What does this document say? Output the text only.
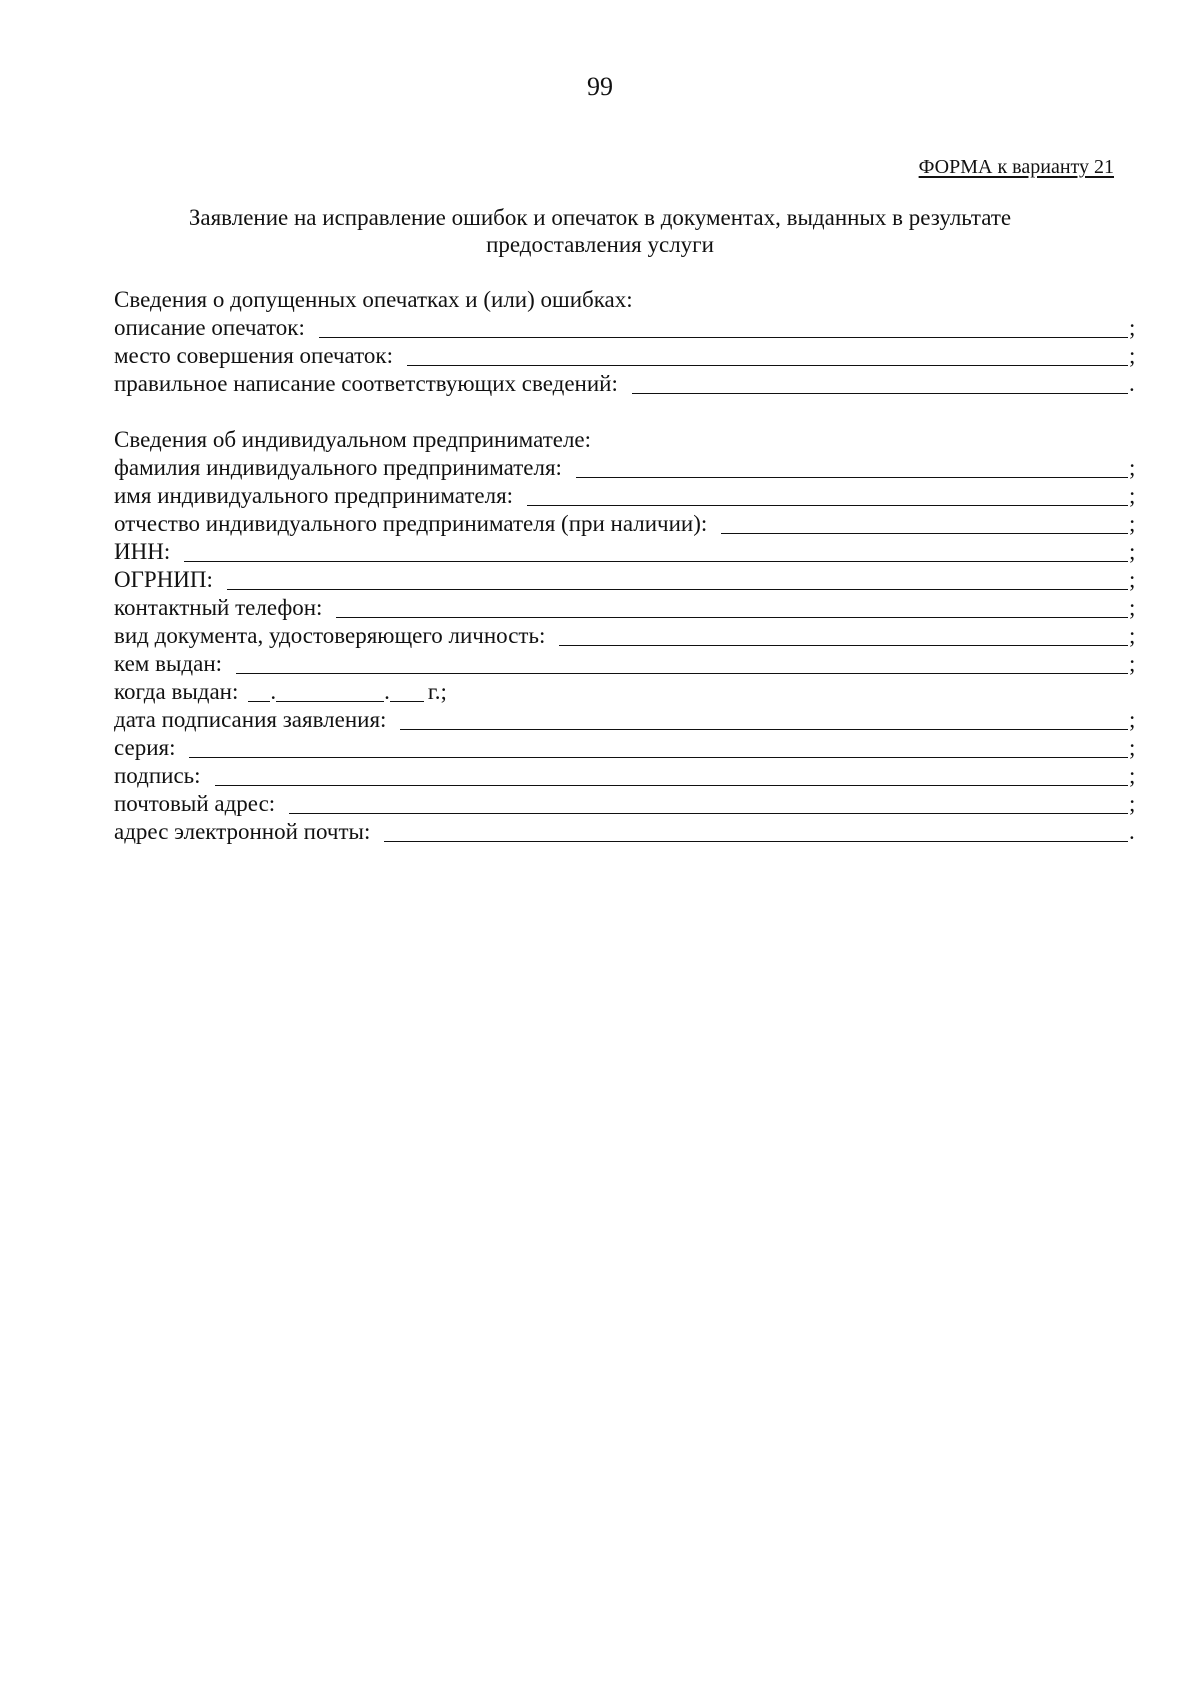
99
ФОРМА к варианту 21
Заявление на исправление ошибок и опечаток в документах, выданных в результате
предоставления услуги
Сведения о допущенных опечатках и (или) ошибках:
описание опечаток:	;
место совершения опечаток:	;
правильное написание соответствующих сведений:	.
Сведения об индивидуальном предпринимателе:
фамилия индивидуального предпринимателя:	;
имя индивидуального предпринимателя:	;
отчество индивидуального предпринимателя (при наличии):	;
ИНН:	;
ОГРНИП:	;
контактный телефон:	;
вид документа, удостоверяющего личность:	;
кем выдан:	;
когда выдан: .	. г.;
дата подписания заявления:	;
серия:	;
подпись:	;
почтовый адрес:	;
адрес электронной почты:	.
